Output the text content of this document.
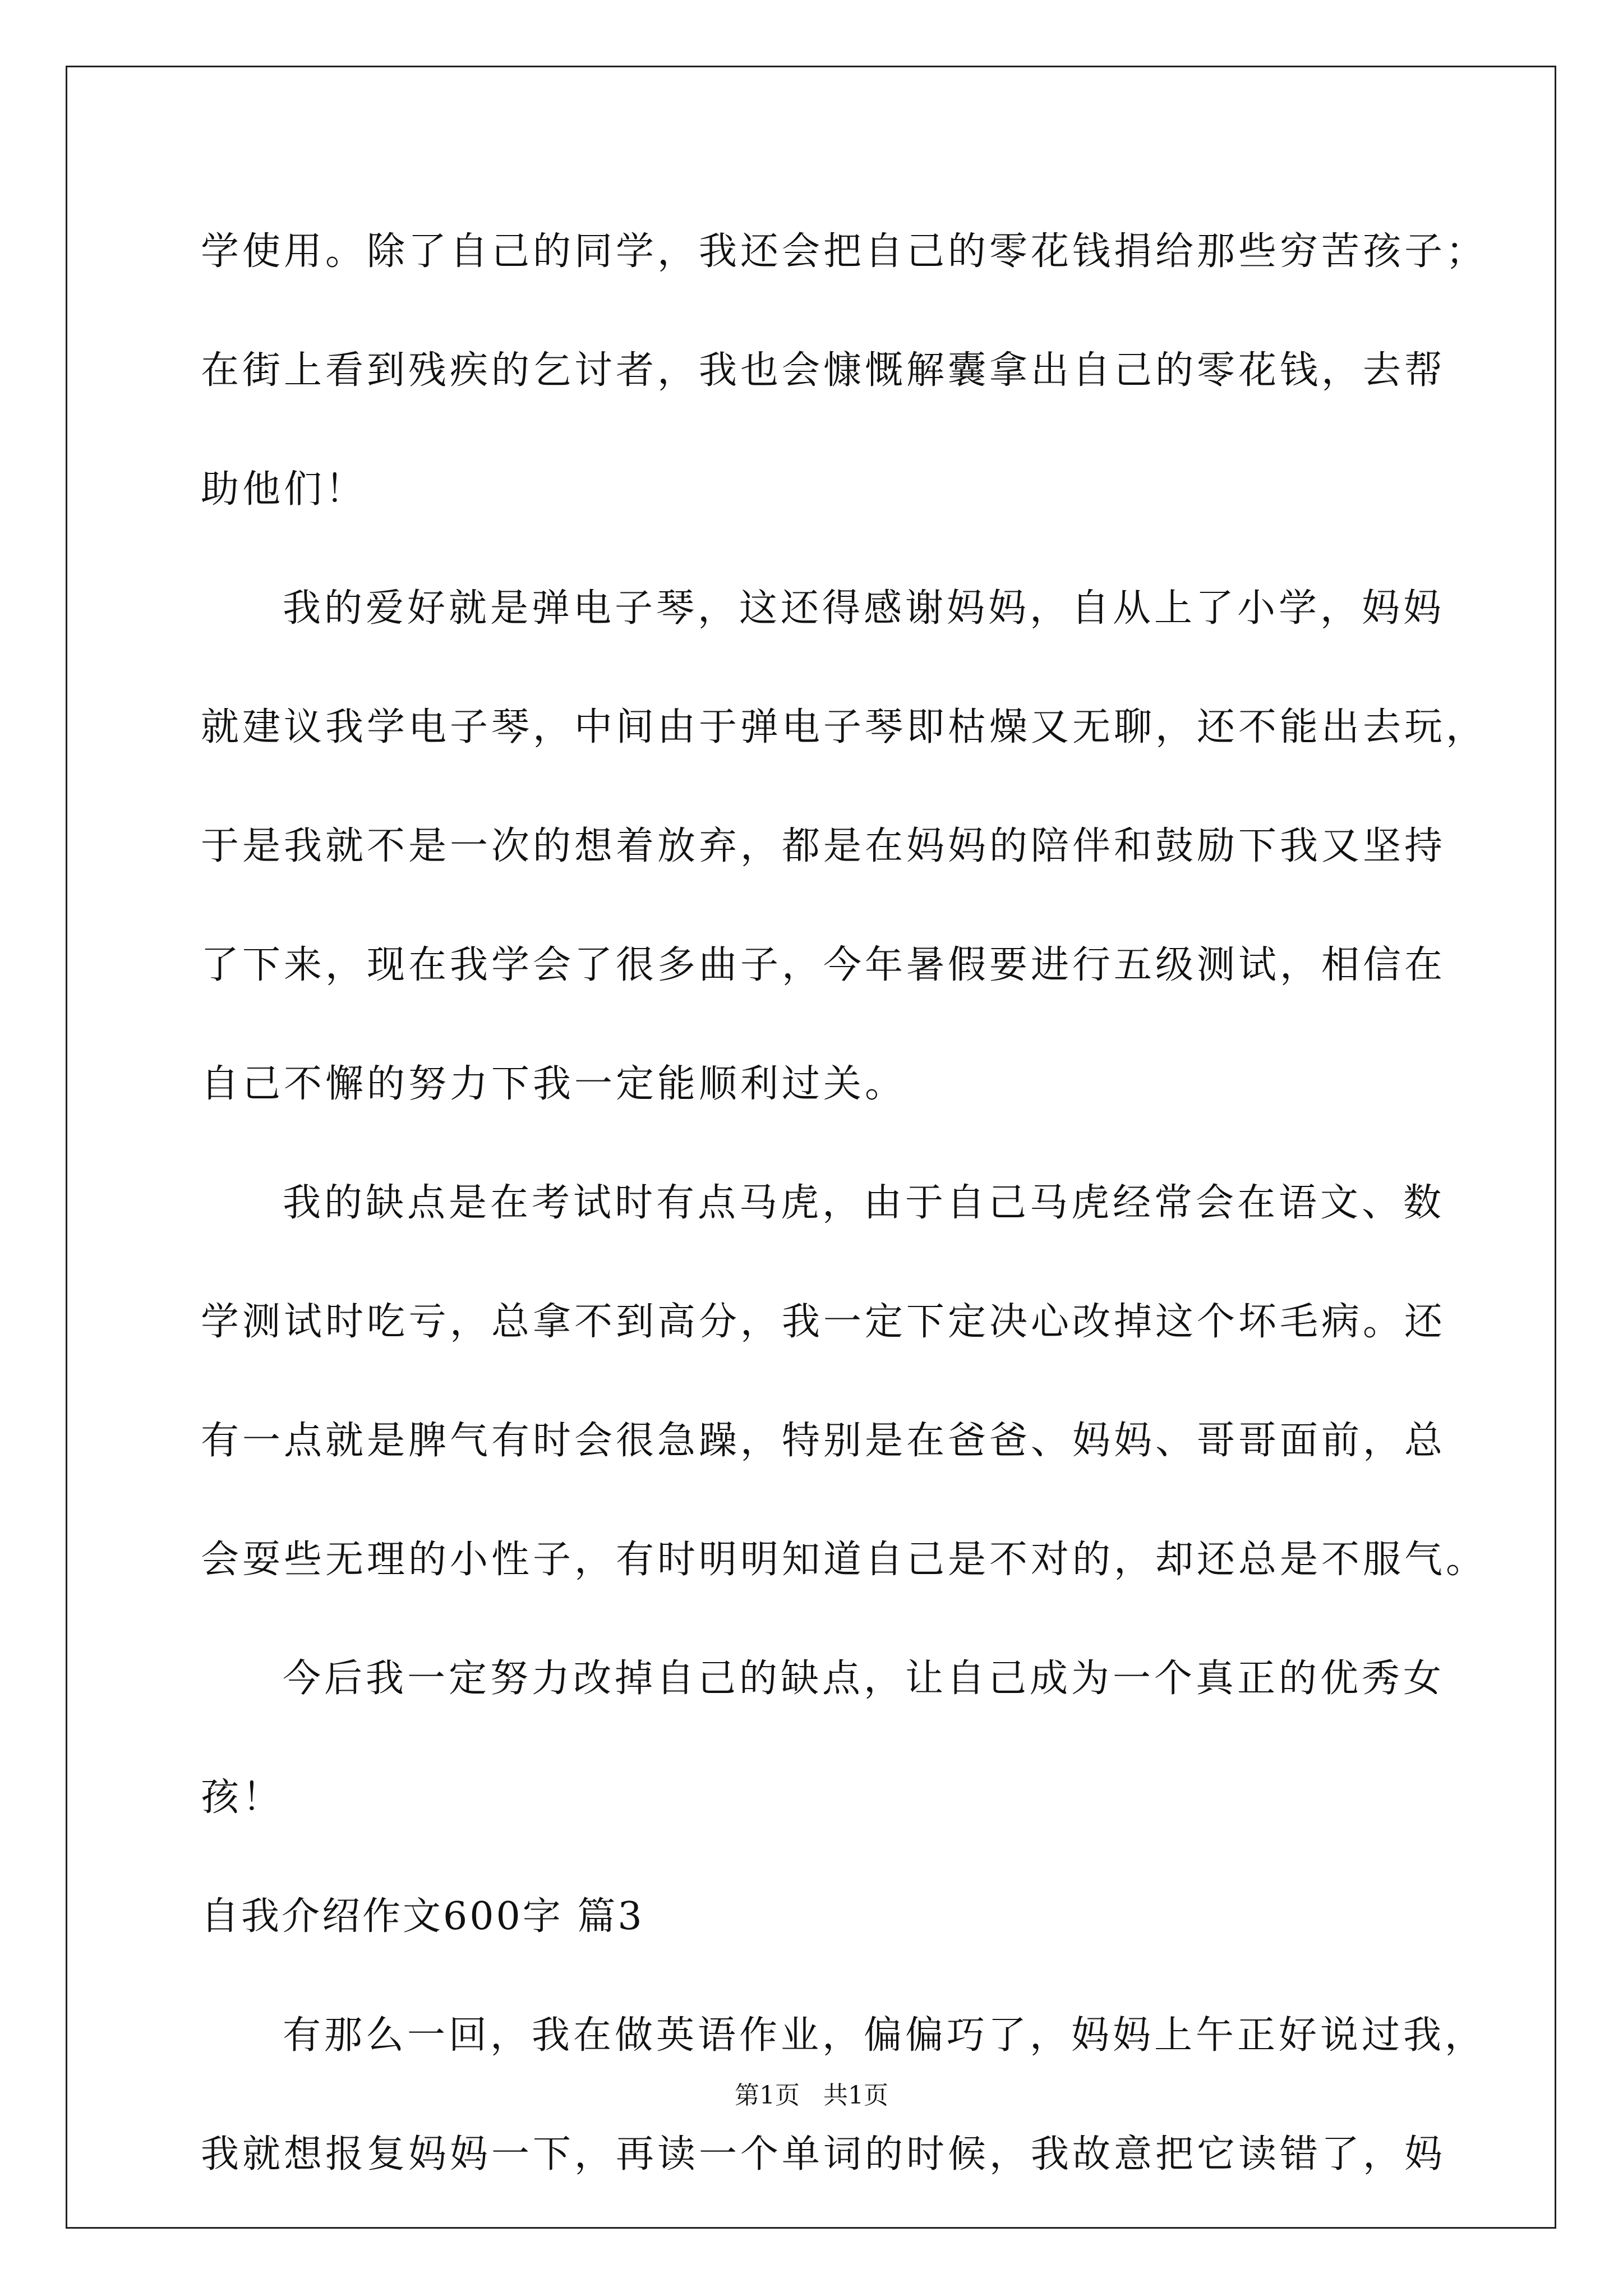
学使用。除了自己的同学，我还会把自己的零花钱捐给那些穷苦孩子；
在街上看到残疾的乞讨者，我也会慷慨解囊拿出自己的零花钱，去帮
助他们！
我的爱好就是弹电子琴，这还得感谢妈妈，自从上了小学，妈妈
就建议我学电子琴，中间由于弹电子琴即枯燥又无聊，还不能出去玩，
于是我就不是一次的想着放弃，都是在妈妈的陪伴和鼓励下我又坚持
了下来，现在我学会了很多曲子，今年暑假要进行五级测试，相信在
自己不懈的努力下我一定能顺利过关。
我的缺点是在考试时有点马虎，由于自己马虎经常会在语文、数
学测试时吃亏，总拿不到高分，我一定下定决心改掉这个坏毛病。还
有一点就是脾气有时会很急躁，特别是在爸爸、妈妈、哥哥面前，总
会耍些无理的小性子，有时明明知道自己是不对的，却还总是不服气。
今后我一定努力改掉自己的缺点，让自己成为一个真正的优秀女
孩！
自我介绍作文600字 篇3
有那么一回，我在做英语作业，偏偏巧了，妈妈上午正好说过我，
我就想报复妈妈一下，再读一个单词的时候，我故意把它读错了，妈
第1页   共1页
